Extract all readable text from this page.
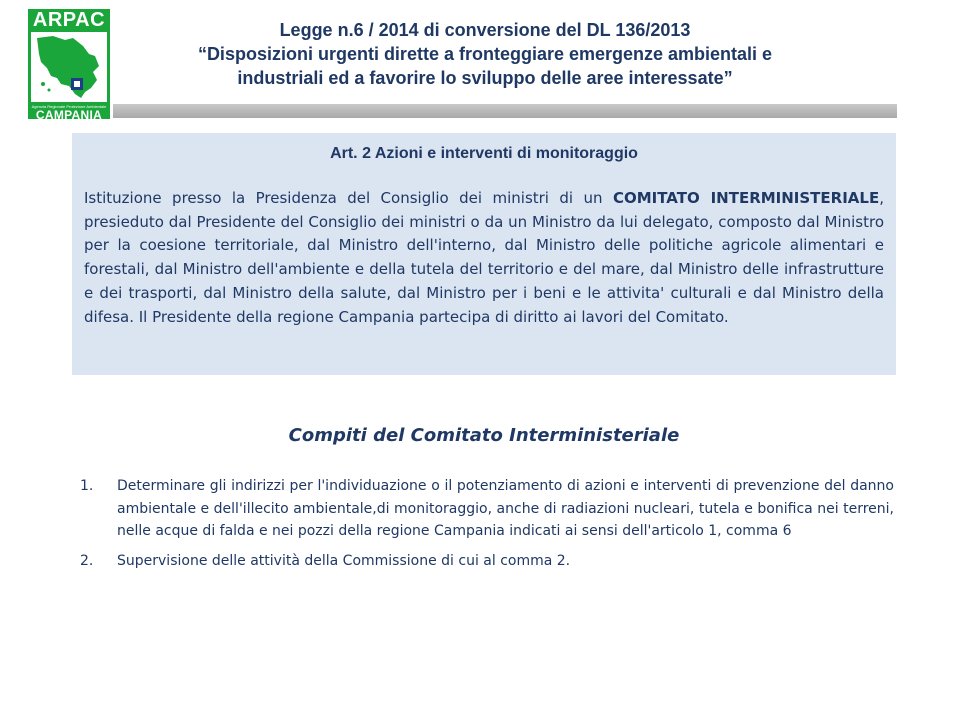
ARPAC
Agenzia Regionale Protezione Ambientale
CAMPANIA
Legge n.6 / 2014 di conversione del DL 136/2013
“Disposizioni urgenti dirette a fronteggiare emergenze ambientali e
industriali ed a favorire lo sviluppo delle aree interessate”
Art. 2 Azioni e interventi di monitoraggio

Istituzione presso la Presidenza del Consiglio dei ministri di un COMITATO INTERMINISTERIALE, presieduto dal Presidente del Consiglio dei ministri o da un Ministro da lui delegato, composto dal Ministro per la coesione territoriale, dal Ministro dell'interno, dal Ministro delle politiche agricole alimentari e forestali, dal Ministro dell'ambiente e della tutela del territorio e del mare, dal Ministro delle infrastrutture e dei trasporti, dal Ministro della salute, dal Ministro per i beni e le attivita' culturali e dal Ministro della difesa. Il Presidente della regione Campania partecipa di diritto ai lavori del Comitato.

Compiti del Comitato Interministeriale
1. Determinare gli indirizzi per l'individuazione o il potenziamento di azioni e interventi di prevenzione del danno ambientale e dell'illecito ambientale,di monitoraggio, anche di radiazioni nucleari, tutela e bonifica nei terreni, nelle acque di falda e nei pozzi della regione Campania indicati ai sensi dell'articolo 1, comma 6
2. Supervisione delle attività della Commissione di cui al comma 2.
